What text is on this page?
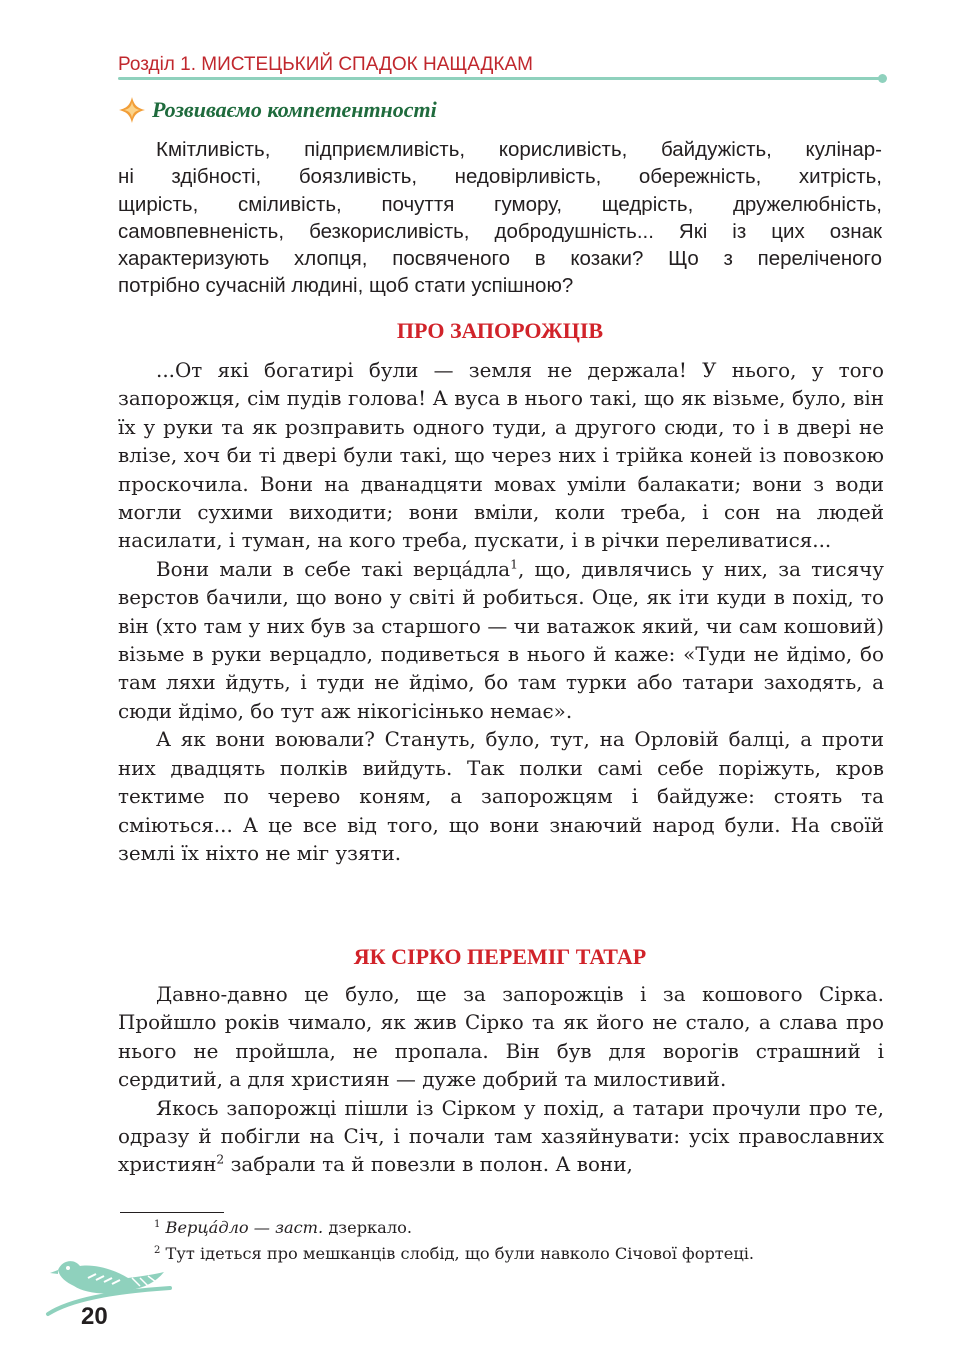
Розділ 1. МИСТЕЦЬКИЙ СПАДОК НАЩАДКАМ
Розвиваємо компетентності
Кмітливість, підприємливість, корисливість, байдужість, кулінар-
ні здібності, боязливість, недовірливість, обережність, хитрість,
щирість, сміливість, почуття гумору, щедрість, дружелюбність,
самовпевненість, безкорисливість, добродушність... Які із цих ознак
характеризують хлопця, посвяченого в козаки? Що з переліченого
потрібно сучасній людині, щоб стати успішною?
ПРО ЗАПОРОЖЦІВ

...От які богатирі були — земля не держала! У нього, у того запорожця, сім пудів голова! А вуса в нього такі, що як візьме, було, він їх у руки та як розправить одного туди, а другого сюди, то і в двері не влізе, хоч би ті двері були такі, що через них і трійка коней із повозкою проскочила. Вони на дванадцяти мовах уміли балакати; вони з води могли сухими виходити; вони вміли, коли треба, і сон на людей насилати, і туман, на кого треба, пускати, і в річки переливатися...

Вони мали в себе такі верца́дла$^1$, що, дивлячись у них, за тисячу верстов бачили, що воно у світі й робиться. Оце, як іти куди в похід, то він (хто там у них був за старшого — чи ватажок який, чи сам кошовий) візьме в руки верцадло, подиветься в нього й каже: «Туди не йдімо, бо там ляхи йдуть, і туди не йдімо, бо там турки або татари заходять, а сюди йдімо, бо тут аж нікогісінько немає».

А як вони воювали? Стануть, було, тут, на Орловій балці, а проти них двадцять полків вийдуть. Так полки самі себе поріжуть, кров тектиме по черево коням, а запорожцям і байдуже: стоять та сміються... А це все від того, що вони знаючий народ були. На своїй землі їх ніхто не міг узяти.

ЯК СІРКО ПЕРЕМІГ ТАТАР

Давно-давно це було, ще за запорожців і за кошового Сірка. Пройшло років чимало, як жив Сірко та як його не стало, а слава про нього не пройшла, не пропала. Він був для ворогів страшний і сердитий, а для християн — дуже добрий та милостивий.

Якось запорожці пішли із Сірком у похід, а татари прочули про те, одразу й побігли на Січ, і почали там хазяйнувати: усіх православних християн$^2$ забрали та й повезли в полон. А вони,

$^1$ Верца́дло — заст. дзеркало.
$^2$ Тут ідеться про мешканців слобід, що були навколо Січової фортеці.
20
